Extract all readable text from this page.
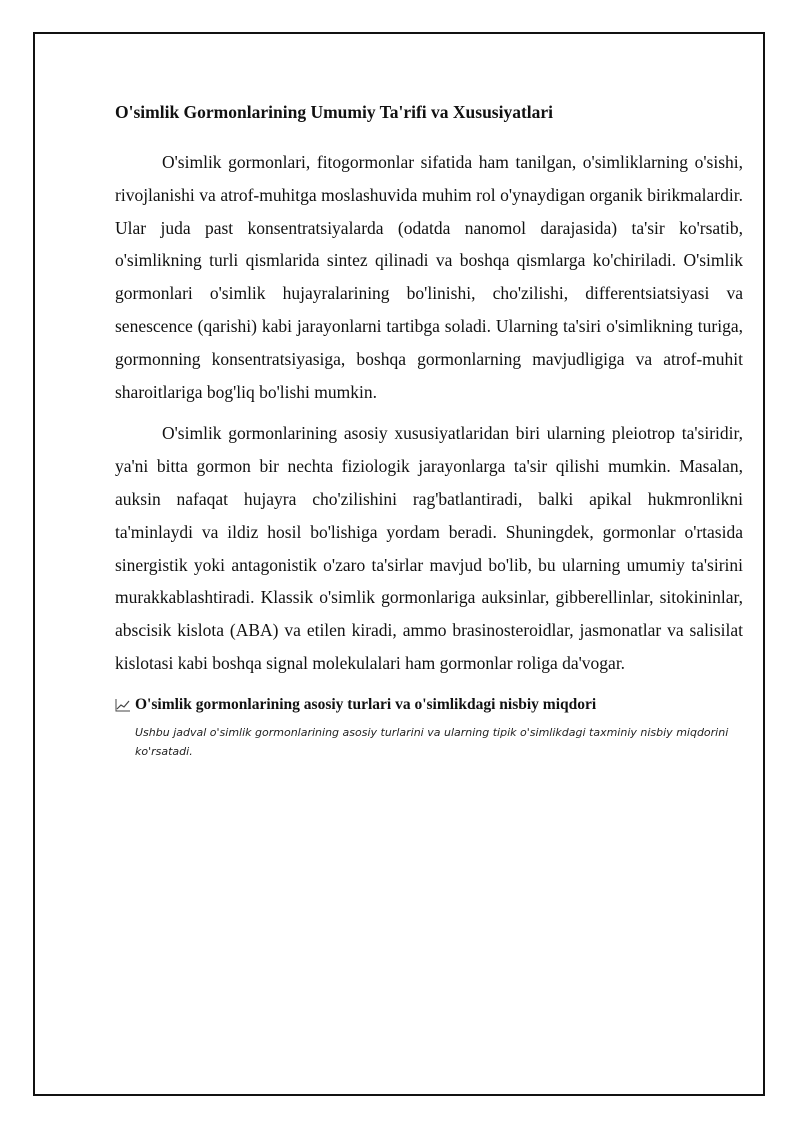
O'simlik Gormonlarining Umumiy Ta'rifi va Xususiyatlari

O'simlik gormonlari, fitogormonlar sifatida ham tanilgan, o'simliklarning o'sishi, rivojlanishi va atrof-muhitga moslashuvida muhim rol o'ynaydigan organik birikmalardir. Ular juda past konsentratsiyalarda (odatda nanomol darajasida) ta'sir ko'rsatib, o'simlikning turli qismlarida sintez qilinadi va boshqa qismlarga ko'chiriladi. O'simlik gormonlari o'simlik hujayralarining bo'linishi, cho'zilishi, differentsiatsiyasi va senescence (qarishi) kabi jarayonlarni tartibga soladi. Ularning ta'siri o'simlikning turiga, gormonning konsentratsiyasiga, boshqa gormonlarning mavjudligiga va atrof-muhit sharoitlariga bog'liq bo'lishi mumkin.

O'simlik gormonlarining asosiy xususiyatlaridan biri ularning pleiotrop ta'siridir, ya'ni bitta gormon bir nechta fiziologik jarayonlarga ta'sir qilishi mumkin. Masalan, auksin nafaqat hujayra cho'zilishini rag'batlantiradi, balki apikal hukmronlikni ta'minlaydi va ildiz hosil bo'lishiga yordam beradi. Shuningdek, gormonlar o'rtasida sinergistik yoki antagonistik o'zaro ta'sirlar mavjud bo'lib, bu ularning umumiy ta'sirini murakkablashtiradi. Klassik o'simlik gormonlariga auksinlar, gibberellinlar, sitokininlar, abscisik kislota (ABA) va etilen kiradi, ammo brasinosteroidlar, jasmonatlar va salisilat kislotasi kabi boshqa signal molekulalari ham gormonlar roliga da'vogar.

O'simlik gormonlarining asosiy turlari va o'simlikdagi nisbiy miqdori
Ushbu jadval o'simlik gormonlarining asosiy turlarini va ularning tipik o'simlikdagi taxminiy nisbiy miqdorini ko'rsatadi.
